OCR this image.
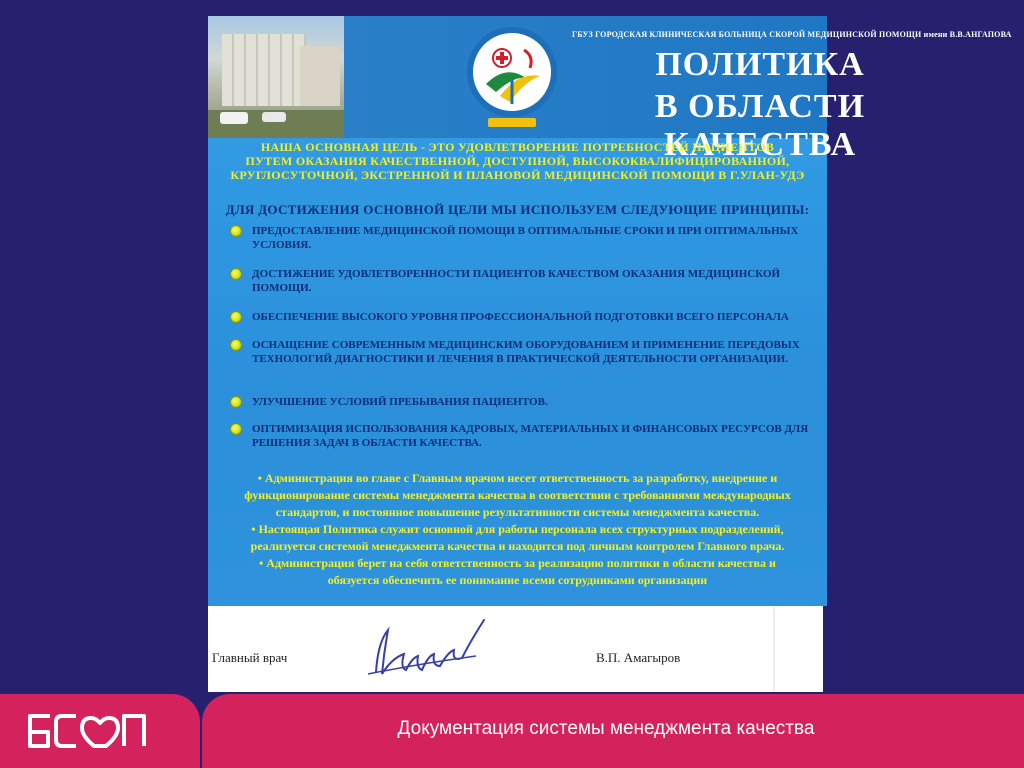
ГБУЗ ГОРОДСКАЯ КЛИНИЧЕСКАЯ БОЛЬНИЦА СКОРОЙ МЕДИЦИНСКОЙ ПОМОЩИ имени В.В.АНГАПОВА
ПОЛИТИКА
В ОБЛАСТИ КАЧЕСТВА
НАША ОСНОВНАЯ ЦЕЛЬ - ЭТО УДОВЛЕТВОРЕНИЕ ПОТРЕБНОСТЕЙ ПАЦИЕНТОВ
ПУТЕМ ОКАЗАНИЯ КАЧЕСТВЕННОЙ, ДОСТУПНОЙ, ВЫСОКОКВАЛИФИЦИРОВАННОЙ,
КРУГЛОСУТОЧНОЙ, ЭКСТРЕННОЙ И ПЛАНОВОЙ МЕДИЦИНСКОЙ ПОМОЩИ В Г.УЛАН-УДЭ
ДЛЯ ДОСТИЖЕНИЯ ОСНОВНОЙ ЦЕЛИ МЫ ИСПОЛЬЗУЕМ СЛЕДУЮЩИЕ ПРИНЦИПЫ:
ПРЕДОСТАВЛЕНИЕ МЕДИЦИНСКОЙ ПОМОЩИ В ОПТИМАЛЬНЫЕ СРОКИ И ПРИ ОПТИМАЛЬНЫХ УСЛОВИЯ.
ДОСТИЖЕНИЕ УДОВЛЕТВОРЕННОСТИ ПАЦИЕНТОВ КАЧЕСТВОМ ОКАЗАНИЯ МЕДИЦИНСКОЙ ПОМОЩИ.
ОБЕСПЕЧЕНИЕ ВЫСОКОГО УРОВНЯ ПРОФЕССИОНАЛЬНОЙ ПОДГОТОВКИ ВСЕГО ПЕРСОНАЛА
ОСНАЩЕНИЕ СОВРЕМЕННЫМ МЕДИЦИНСКИМ ОБОРУДОВАНИЕМ И ПРИМЕНЕНИЕ ПЕРЕДОВЫХ ТЕХНОЛОГИЙ ДИАГНОСТИКИ И ЛЕЧЕНИЯ В ПРАКТИЧЕСКОЙ ДЕЯТЕЛЬНОСТИ ОРГАНИЗАЦИИ.
УЛУЧШЕНИЕ УСЛОВИЙ ПРЕБЫВАНИЯ ПАЦИЕНТОВ.
ОПТИМИЗАЦИЯ ИСПОЛЬЗОВАНИЯ КАДРОВЫХ, МАТЕРИАЛЬНЫХ И ФИНАНСОВЫХ РЕСУРСОВ ДЛЯ РЕШЕНИЯ ЗАДАЧ В ОБЛАСТИ КАЧЕСТВА.
• Администрация во главе с Главным врачом несет ответственность за разработку, внедрение и
функционирование системы менеджмента качества в соответствии с требованиями международных
стандартов, и постоянное повышение результативности системы менеджмента качества.
• Настоящая Политика служит основной для работы персонала всех структурных подразделений,
реализуется системой менеджмента качества и находится под личным контролем Главного врача.
• Администрация берет на себя ответственность за реализацию политики в области качества и
обязуется обеспечить ее понимание всеми сотрудниками организации
Главный врач	В.П. Амагыров
Документация системы менеджмента качества
